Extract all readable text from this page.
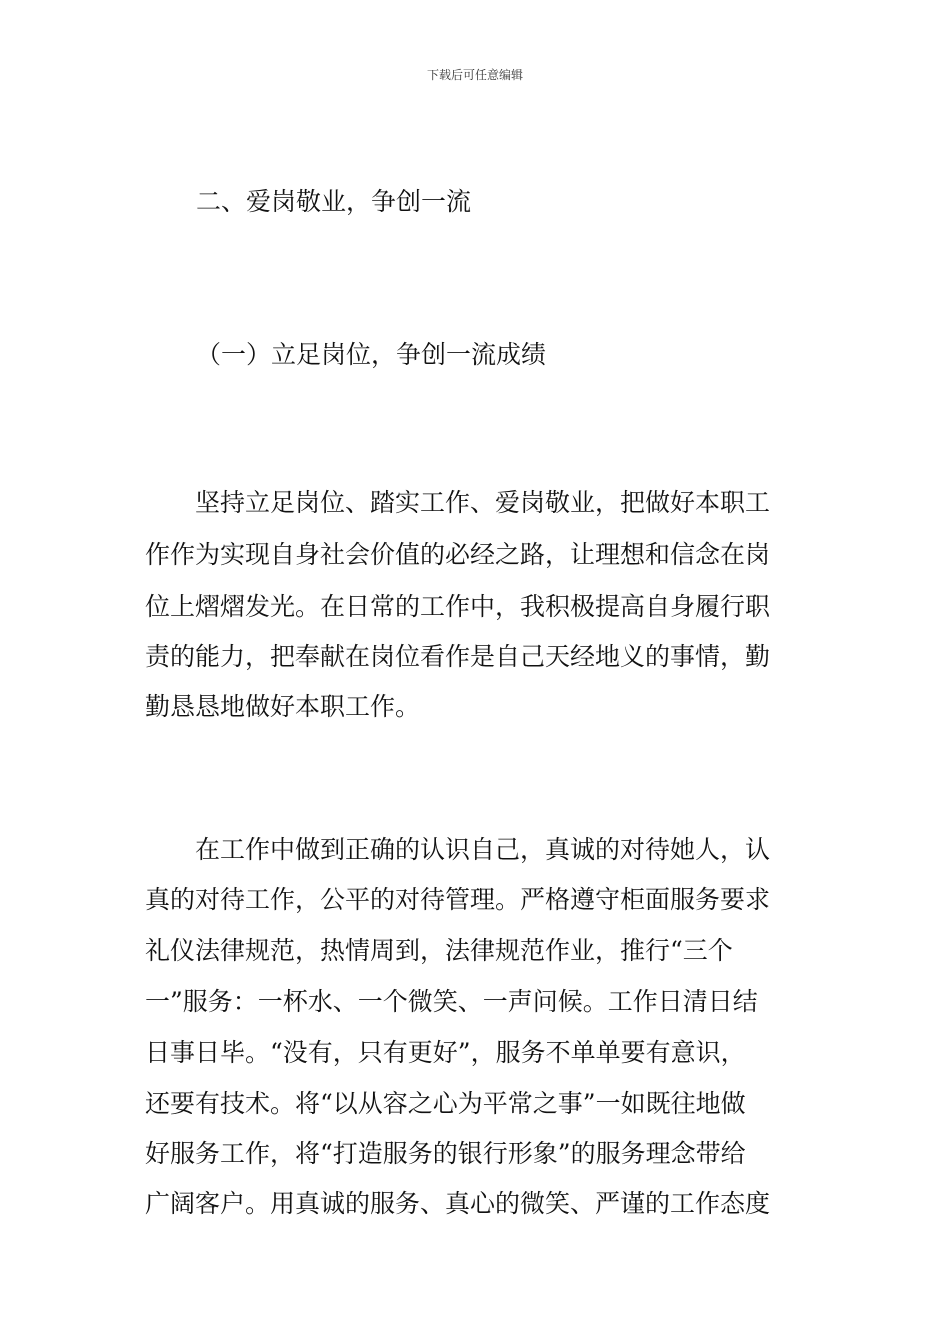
下载后可任意编辑
二、爱岗敬业，争创一流
（一）立足岗位，争创一流成绩
　　坚持立足岗位、踏实工作、爱岗敬业，把做好本职工
作作为实现自身社会价值的必经之路，让理想和信念在岗
位上熠熠发光。在日常的工作中，我积极提高自身履行职
责的能力，把奉献在岗位看作是自己天经地义的事情，勤
勤恳恳地做好本职工作。
　　在工作中做到正确的认识自己，真诚的对待她人，认
真的对待工作，公平的对待管理。严格遵守柜面服务要求
礼仪法律规范，热情周到，法律规范作业，推行“三个
一”服务：一杯水、一个微笑、一声问候。工作日清日结
日事日毕。“没有，只有更好”，服务不单单要有意识，
还要有技术。将“以从容之心为平常之事”一如既往地做
好服务工作，将“打造服务的银行形象”的服务理念带给
广阔客户。用真诚的服务、真心的微笑、严谨的工作态度
